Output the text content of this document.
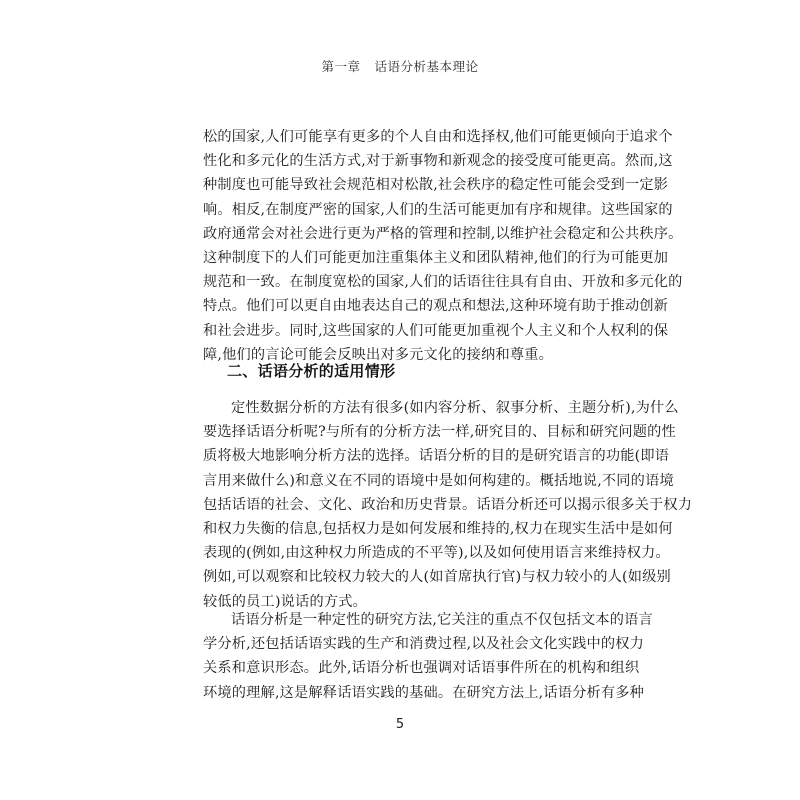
第一章 话语分析基本理论
松的国家,人们可能享有更多的个人自由和选择权,他们可能更倾向于追求个
性化和多元化的生活方式,对于新事物和新观念的接受度可能更高。然而,这
种制度也可能导致社会规范相对松散,社会秩序的稳定性可能会受到一定影
响。相反,在制度严密的国家,人们的生活可能更加有序和规律。这些国家的
政府通常会对社会进行更为严格的管理和控制,以维护社会稳定和公共秩序。
这种制度下的人们可能更加注重集体主义和团队精神,他们的行为可能更加
规范和一致。在制度宽松的国家,人们的话语往往具有自由、开放和多元化的
特点。他们可以更自由地表达自己的观点和想法,这种环境有助于推动创新
和社会进步。同时,这些国家的人们可能更加重视个人主义和个人权利的保
障,他们的言论可能会反映出对多元文化的接纳和尊重。
二、话语分析的适用情形
定性数据分析的方法有很多(如内容分析、叙事分析、主题分析),为什么
要选择话语分析呢?与所有的分析方法一样,研究目的、目标和研究问题的性
质将极大地影响分析方法的选择。话语分析的目的是研究语言的功能(即语
言用来做什么)和意义在不同的语境中是如何构建的。概括地说,不同的语境
包括话语的社会、文化、政治和历史背景。话语分析还可以揭示很多关于权力
和权力失衡的信息,包括权力是如何发展和维持的,权力在现实生活中是如何
表现的(例如,由这种权力所造成的不平等),以及如何使用语言来维持权力。
例如,可以观察和比较权力较大的人(如首席执行官)与权力较小的人(如级别
较低的员工)说话的方式。
话语分析是一种定性的研究方法,它关注的重点不仅包括文本的语言
学分析,还包括话语实践的生产和消费过程,以及社会文化实践中的权力
关系和意识形态。此外,话语分析也强调对话语事件所在的机构和组织
环境的理解,这是解释话语实践的基础。在研究方法上,话语分析有多种
5
